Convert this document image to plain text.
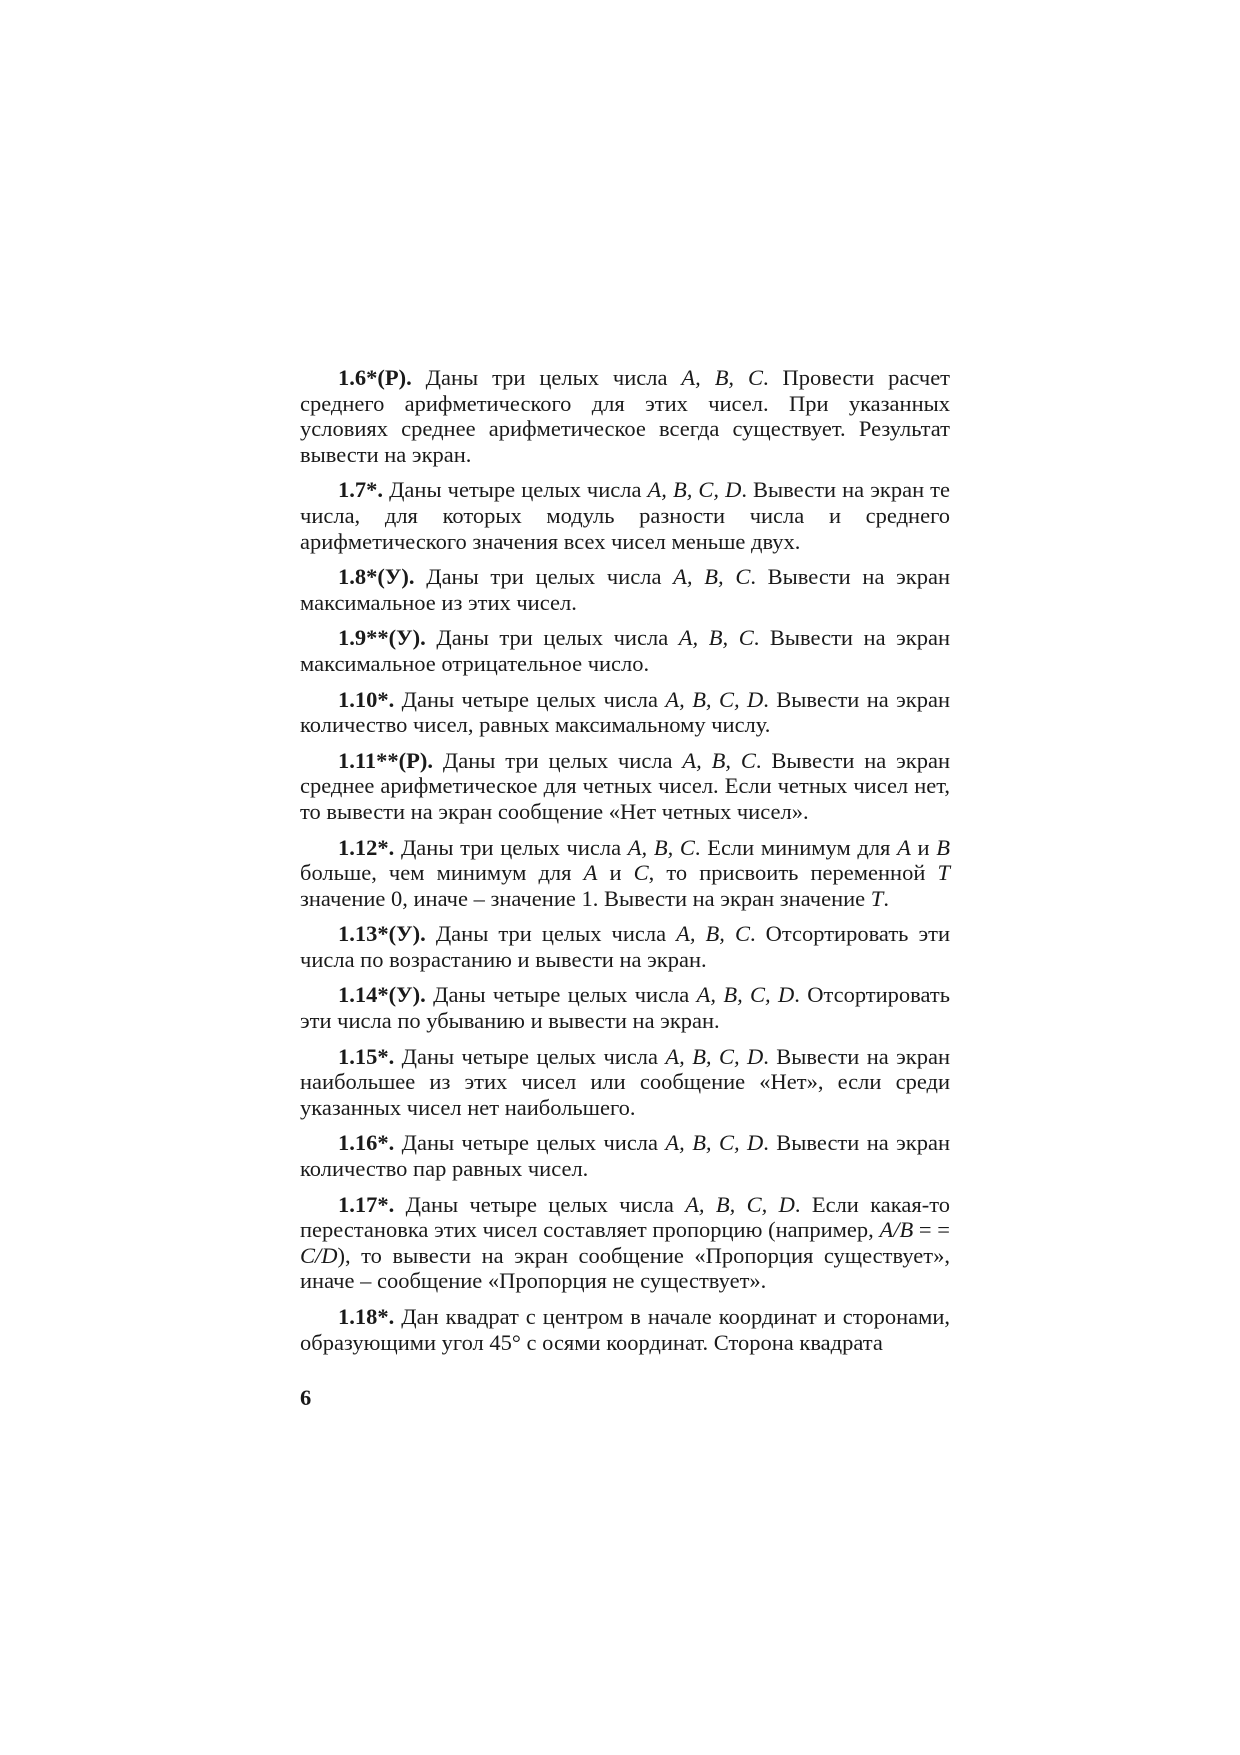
1.6*(Р). Даны три целых числа A, B, C. Провести расчет среднего арифметического для этих чисел. При указанных условиях среднее арифметическое всегда существует. Результат вывести на экран.

1.7*. Даны четыре целых числа A, B, C, D. Вывести на экран те числа, для которых модуль разности числа и среднего арифметического значения всех чисел меньше двух.

1.8*(У). Даны три целых числа A, B, C. Вывести на экран максимальное из этих чисел.

1.9**(У). Даны три целых числа A, B, C. Вывести на экран максимальное отрицательное число.

1.10*. Даны четыре целых числа A, B, C, D. Вывести на экран количество чисел, равных максимальному числу.

1.11**(Р). Даны три целых числа A, B, C. Вывести на экран среднее арифметическое для четных чисел. Если четных чисел нет, то вывести на экран сообщение «Нет четных чисел».

1.12*. Даны три целых числа A, B, C. Если минимум для A и B больше, чем минимум для A и C, то присвоить переменной T значение 0, иначе – значение 1. Вывести на экран значение T.

1.13*(У). Даны три целых числа A, B, C. Отсортировать эти числа по возрастанию и вывести на экран.

1.14*(У). Даны четыре целых числа A, B, C, D. Отсортировать эти числа по убыванию и вывести на экран.

1.15*. Даны четыре целых числа A, B, C, D. Вывести на экран наибольшее из этих чисел или сообщение «Нет», если среди указанных чисел нет наибольшего.

1.16*. Даны четыре целых числа A, B, C, D. Вывести на экран количество пар равных чисел.

1.17*. Даны четыре целых числа A, B, C, D. Если какая-то перестановка этих чисел составляет пропорцию (например, A/B = = C/D), то вывести на экран сообщение «Пропорция существует», иначе – сообщение «Пропорция не существует».

1.18*. Дан квадрат с центром в начале координат и сторонами, образующими угол 45° с осями координат. Сторона квадрата

6
